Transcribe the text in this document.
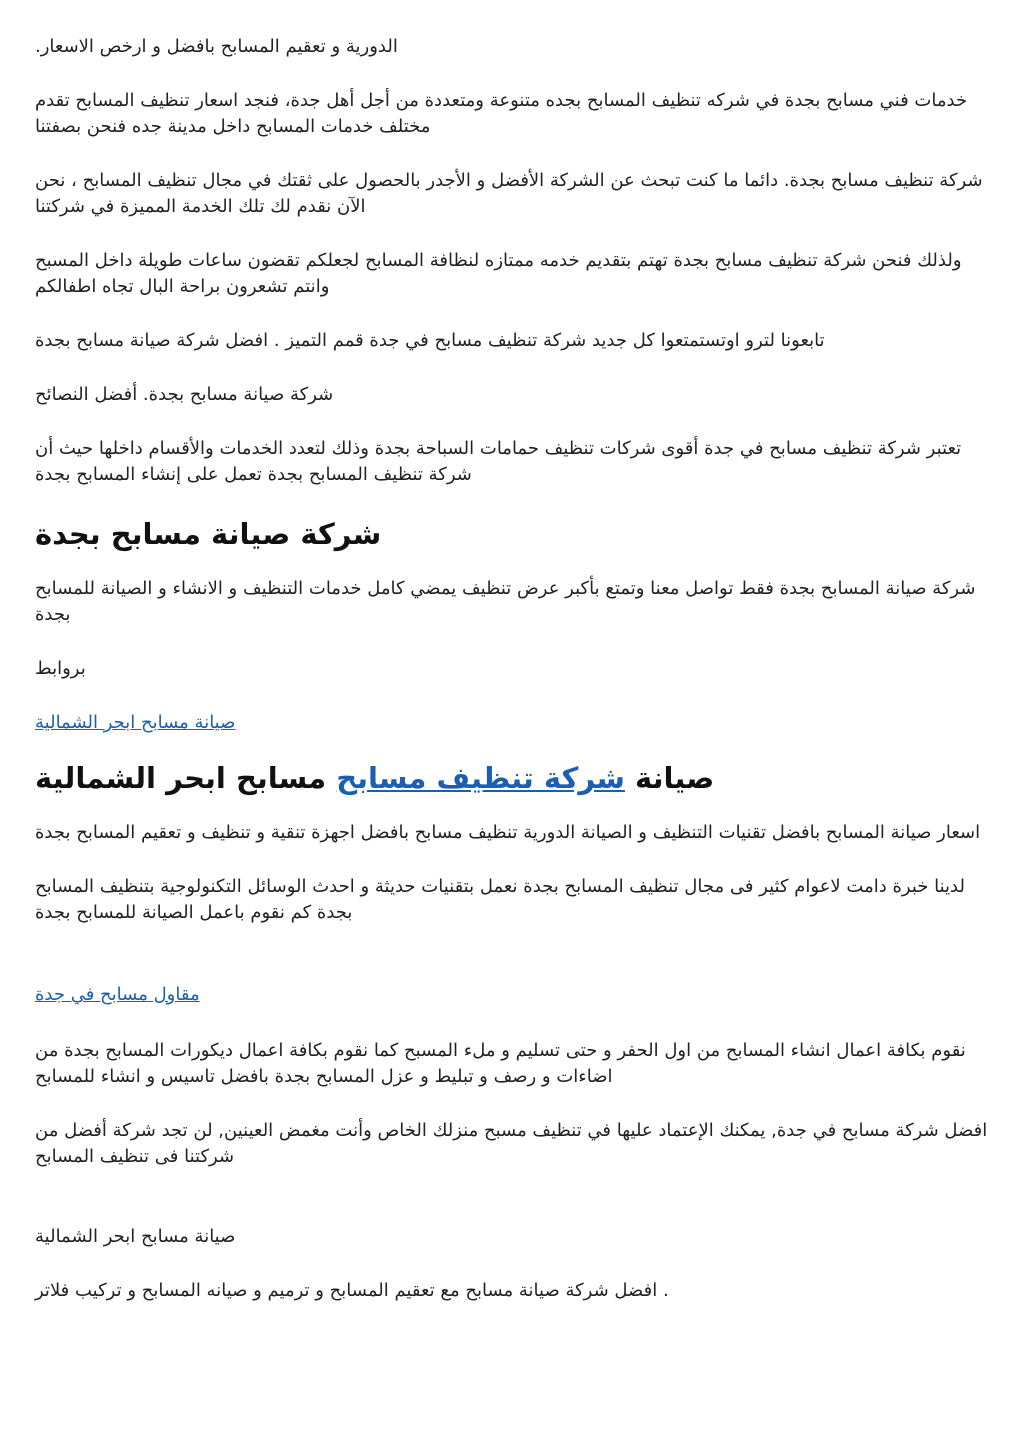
الدورية و تعقيم المسابح بافضل و ارخص الاسعار.

خدمات فني مسابح بجدة في شركه تنظيف المسابح بجده متنوعة ومتعددة من أجل أهل جدة، فنجد اسعار تنظيف المسابح تقدم مختلف خدمات المسابح داخل مدينة جده فنحن بصفتنا

شركة تنظيف مسابح بجدة. دائما ما كنت تبحث عن الشركة الأفضل و الأجدر بالحصول على ثقتك في مجال تنظيف المسابح ، نحن الآن نقدم لك تلك الخدمة المميزة في شركتنا

ولذلك فنحن شركة تنظيف مسابح بجدة تهتم بتقديم خدمه ممتازه لنظافة المسابح لجعلكم تقضون ساعات طويلة داخل المسبح وانتم تشعرون براحة البال تجاه اطفالكم

تابعونا لترو اوتستمتعوا كل جديد شركة تنظيف مسابح في جدة قمم التميز . افضل شركة صيانة مسابح بجدة

شركة صيانة مسابح بجدة. أفضل النصائح

تعتبر شركة تنظيف مسابح في جدة أقوى شركات تنظيف حمامات السباحة بجدة وذلك لتعدد الخدمات والأقسام داخلها حيث أن شركة تنظيف المسابح بجدة تعمل على إنشاء المسابح بجدة

شركة صيانة مسابح بجدة

شركة صيانة المسابح بجدة فقط تواصل معنا وتمتع بأكبر عرض تنظيف يمضي كامل خدمات التنظيف و الانشاء و الصيانة للمسابح بجدة

بروابط

صيانة مسابح ابحر الشمالية

صيانة شركة تنظيف مسابح مسابح ابحر الشمالية

اسعار صيانة المسابح بافضل تقنيات التنظيف و الصيانة الدورية تنظيف مسابح بافضل اجهزة تنقية و تنظيف و تعقيم المسابح بجدة

لدينا خبرة دامت لاعوام كثير فى مجال تنظيف المسابح بجدة نعمل بتقنيات حديثة و احدث الوسائل التكنولوجية بتنظيف المسابح بجدة كم نقوم باعمل الصيانة للمسابح بجدة

مقاول مسابح في جدة

نقوم بكافة اعمال انشاء المسابح من اول الحفر و حتى تسليم و ملء المسبح كما نقوم بكافة اعمال ديكورات المسابح بجدة من اضاءات و رصف و تبليط و عزل المسابح بجدة بافضل تاسيس و انشاء للمسابح

افضل شركة مسابح في جدة, يمكنك الإعتماد عليها في تنظيف مسبح منزلك الخاص وأنت مغمض العينين, لن تجد شركة أفضل من شركتنا فى تنظيف المسابح

صيانة مسابح ابحر الشمالية

. افضل شركة صيانة مسابح مع تعقيم المسابح و ترميم و صيانه المسابح و تركيب فلاتر
